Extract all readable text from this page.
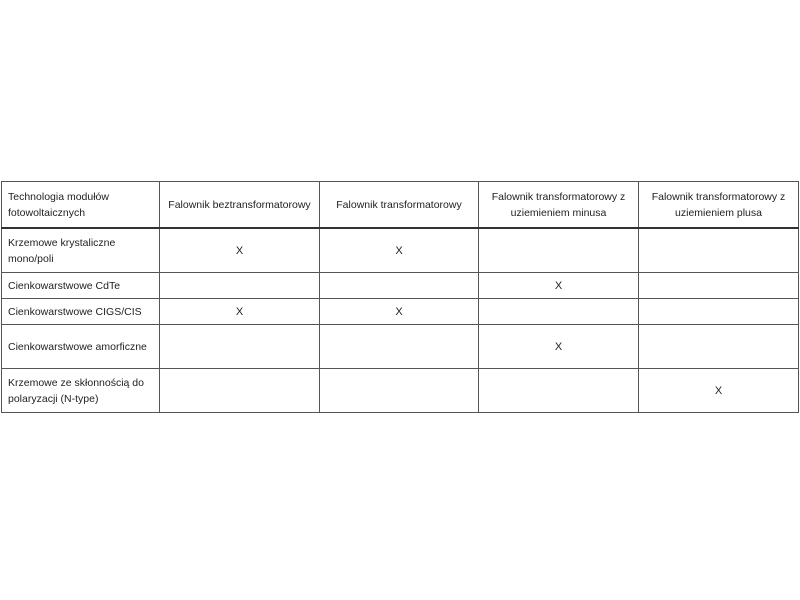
Technologia modułów fotowoltaicznych	Falownik beztransformatorowy	Falownik transformatorowy	Falownik transformatorowy z uziemieniem minusa	Falownik transformatorowy z uziemieniem plusa
Krzemowe krystaliczne mono/poli	X	X		
Cienkowarstwowe CdTe			X	
Cienkowarstwowe CIGS/CIS	X	X		
Cienkowarstwowe amorficzne			X	
Krzemowe ze skłonnością do polaryzacji (N-type)				X
